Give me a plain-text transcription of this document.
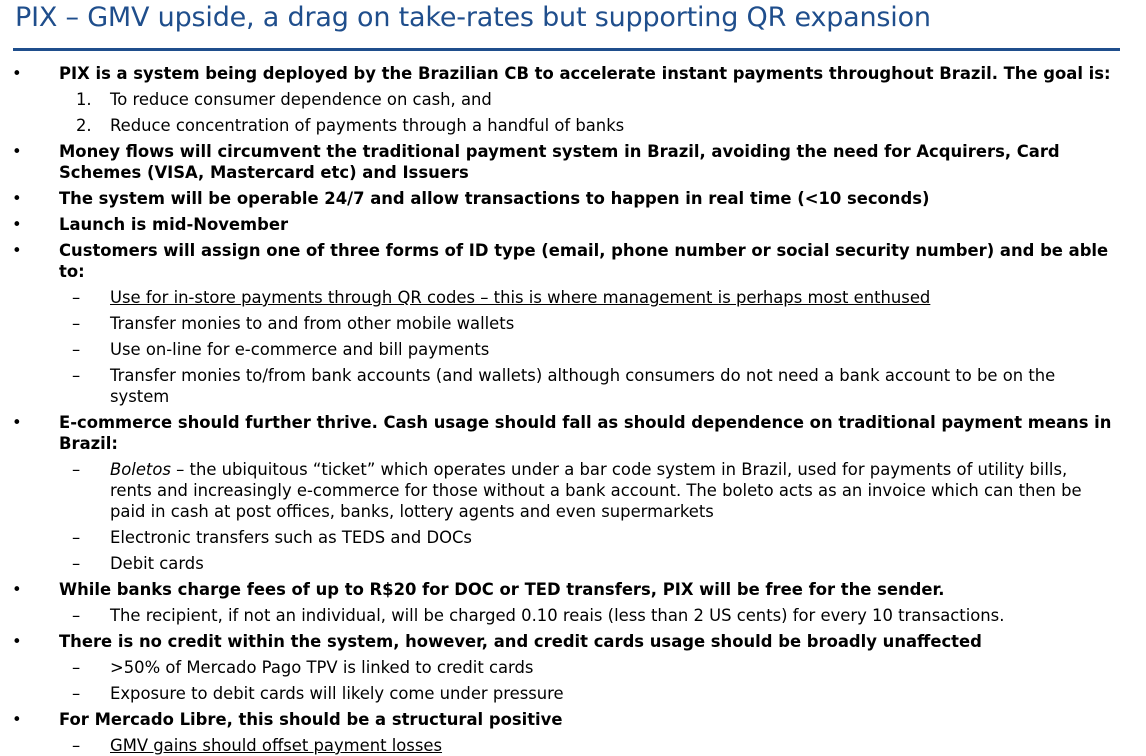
PIX – GMV upside, a drag on take-rates but supporting QR expansion
• PIX is a system being deployed by the Brazilian CB to accelerate instant payments throughout Brazil. The goal is:
1. To reduce consumer dependence on cash, and
2. Reduce concentration of payments through a handful of banks
• Money flows will circumvent the traditional payment system in Brazil, avoiding the need for Acquirers, Card Schemes (VISA, Mastercard etc) and Issuers
• The system will be operable 24/7 and allow transactions to happen in real time (<10 seconds)
• Launch is mid-November
• Customers will assign one of three forms of ID type (email, phone number or social security number) and be able to:
– Use for in-store payments through QR codes – this is where management is perhaps most enthused
– Transfer monies to and from other mobile wallets
– Use on-line for e-commerce and bill payments
– Transfer monies to/from bank accounts (and wallets) although consumers do not need a bank account to be on the system
• E-commerce should further thrive. Cash usage should fall as should dependence on traditional payment means in Brazil:
– Boletos – the ubiquitous “ticket” which operates under a bar code system in Brazil, used for payments of utility bills, rents and increasingly e-commerce for those without a bank account. The boleto acts as an invoice which can then be paid in cash at post offices, banks, lottery agents and even supermarkets
– Electronic transfers such as TEDS and DOCs
– Debit cards
• While banks charge fees of up to R$20 for DOC or TED transfers, PIX will be free for the sender.
– The recipient, if not an individual, will be charged 0.10 reais (less than 2 US cents) for every 10 transactions.
• There is no credit within the system, however, and credit cards usage should be broadly unaffected
– >50% of Mercado Pago TPV is linked to credit cards
– Exposure to debit cards will likely come under pressure
• For Mercado Libre, this should be a structural positive
– GMV gains should offset payment losses
